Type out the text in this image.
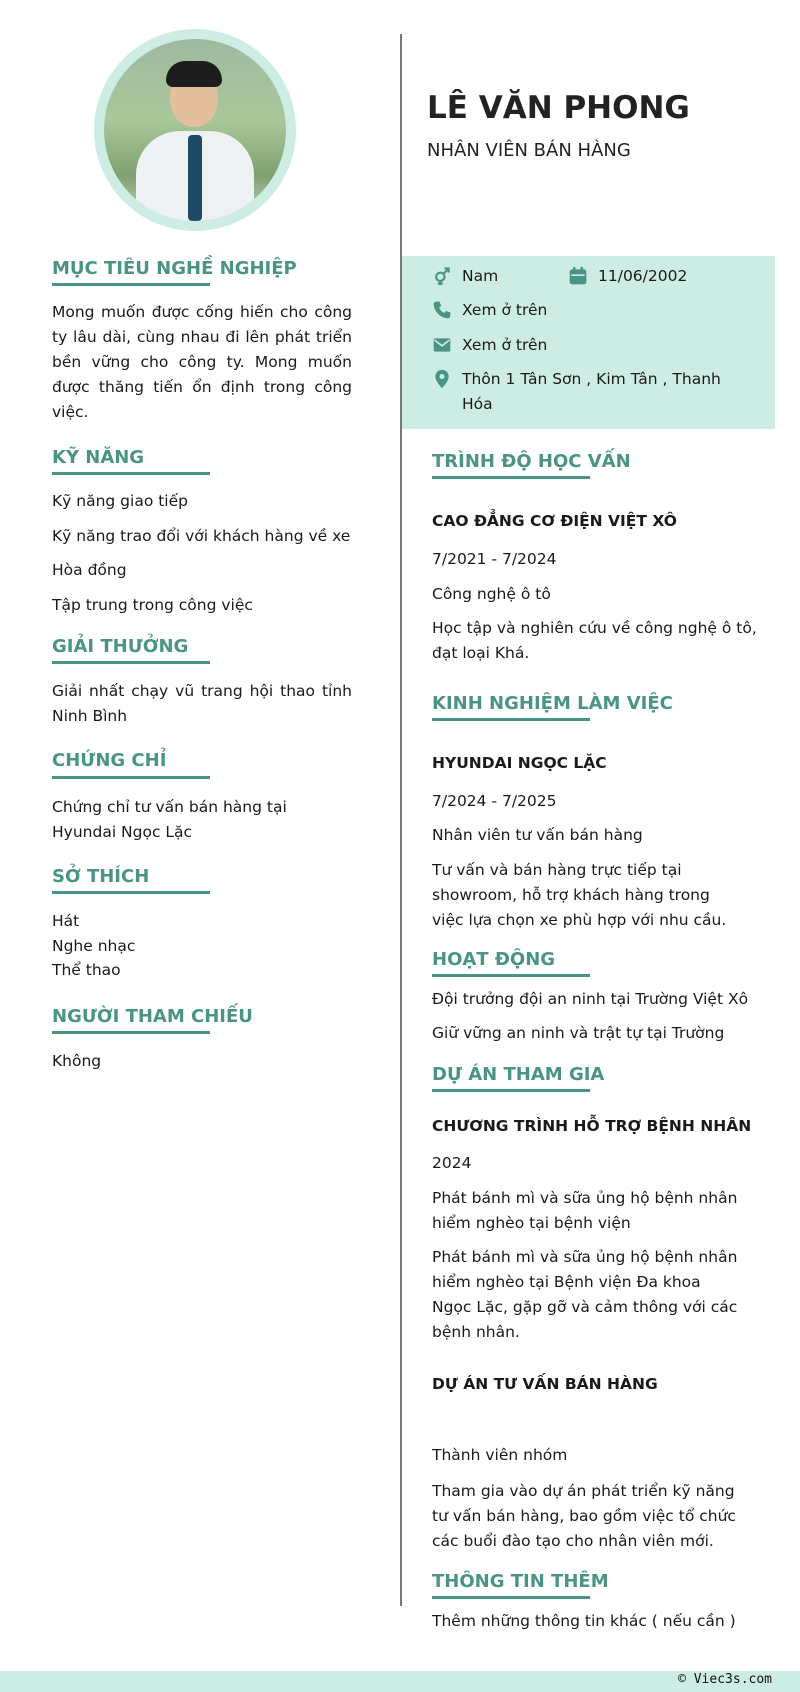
MỤC TIÊU NGHỀ NGHIỆP
Mong muốn được cống hiến cho công ty lâu dài, cùng nhau đi lên phát triển bền vững cho công ty. Mong muốn được thăng tiến ổn định trong công việc.
KỸ NĂNG
Kỹ năng giao tiếp
Kỹ năng trao đổi với khách hàng về xe
Hòa đồng
Tập trung trong công việc
GIẢI THƯỞNG
Giải nhất chạy vũ trang hội thao tỉnh Ninh Bình
CHỨNG CHỈ
Chứng chỉ tư vấn bán hàng tại Hyundai Ngọc Lặc
SỞ THÍCH
Hát
Nghe nhạc
Thể thao
NGƯỜI THAM CHIẾU
Không
LÊ VĂN PHONG
NHÂN VIÊN BÁN HÀNG
Nam	11/06/2002
Xem ở trên
Xem ở trên
Thôn 1 Tân Sơn , Kim Tân , Thanh
Hóa
TRÌNH ĐỘ HỌC VẤN
CAO ĐẲNG CƠ ĐIỆN VIỆT XÔ
7/2021 - 7/2024
Công nghệ ô tô
Học tập và nghiên cứu về công nghệ ô tô, đạt loại Khá.
KINH NGHIỆM LÀM VIỆC
HYUNDAI NGỌC LẶC
7/2024 - 7/2025
Nhân viên tư vấn bán hàng
Tư vấn và bán hàng trực tiếp tại showroom, hỗ trợ khách hàng trong việc lựa chọn xe phù hợp với nhu cầu.
HOẠT ĐỘNG
Đội trưởng đội an ninh tại Trường Việt Xô
Giữ vững an ninh và trật tự tại Trường
DỰ ÁN THAM GIA
CHƯƠNG TRÌNH HỖ TRỢ BỆNH NHÂN
2024
Phát bánh mì và sữa ủng hộ bệnh nhân hiểm nghèo tại bệnh viện
Phát bánh mì và sữa ủng hộ bệnh nhân hiểm nghèo tại Bệnh viện Đa khoa Ngọc Lặc, gặp gỡ và cảm thông với các bệnh nhân.
DỰ ÁN TƯ VẤN BÁN HÀNG
Thành viên nhóm
Tham gia vào dự án phát triển kỹ năng tư vấn bán hàng, bao gồm việc tổ chức các buổi đào tạo cho nhân viên mới.
THÔNG TIN THÊM
Thêm những thông tin khác ( nếu cần )
© Viec3s.com
